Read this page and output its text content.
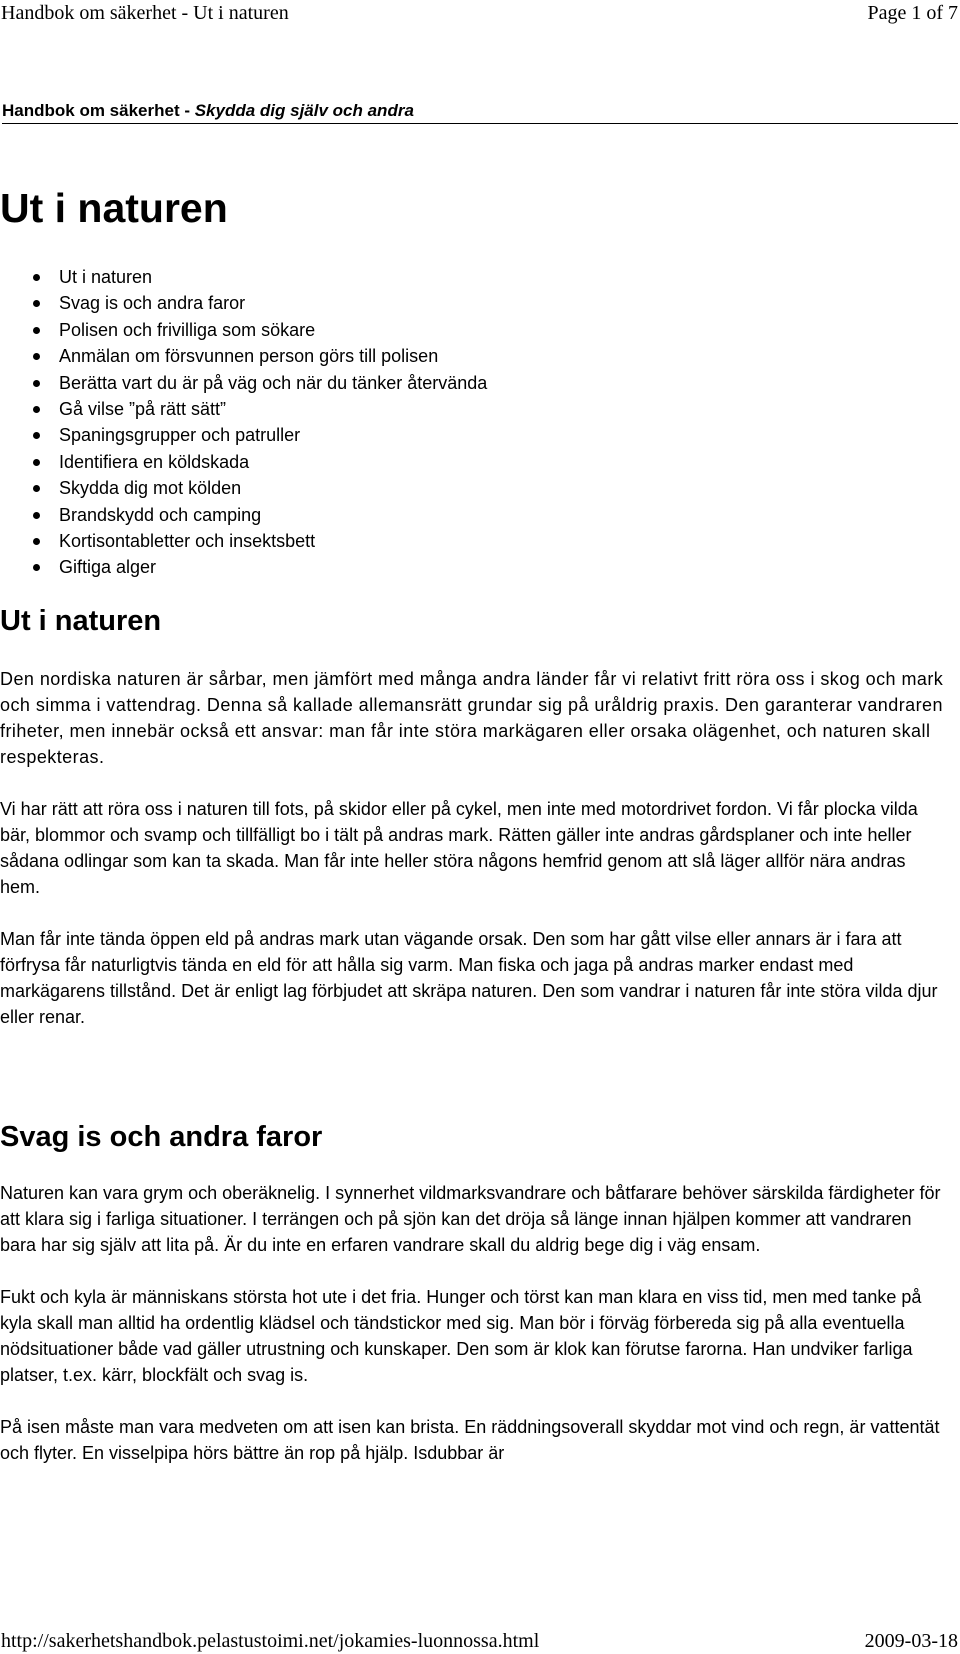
Handbok om säkerhet - Ut i naturen	Page 1 of 7
Handbok om säkerhet - Skydda dig själv och andra
Ut i naturen
Ut i naturen
Svag is och andra faror
Polisen och frivilliga som sökare
Anmälan om försvunnen person görs till polisen
Berätta vart du är på väg och när du tänker återvända
Gå vilse ”på rätt sätt”
Spaningsgrupper och patruller
Identifiera en köldskada
Skydda dig mot kölden
Brandskydd och camping
Kortisontabletter och insektsbett
Giftiga alger
Ut i naturen

Den nordiska naturen är sårbar, men jämfört med många andra länder får vi relativt fritt röra oss i skog och mark och simma i vattendrag. Denna så kallade allemansrätt grundar sig på uråldrig praxis. Den garanterar vandraren friheter, men innebär också ett ansvar: man får inte störa markägaren eller orsaka olägenhet, och naturen skall respekteras.

Vi har rätt att röra oss i naturen till fots, på skidor eller på cykel, men inte med motordrivet fordon. Vi får plocka vilda bär, blommor och svamp och tillfälligt bo i tält på andras mark. Rätten gäller inte andras gårdsplaner och inte heller sådana odlingar som kan ta skada. Man får inte heller störa någons hemfrid genom att slå läger allför nära andras hem.

Man får inte tända öppen eld på andras mark utan vägande orsak. Den som har gått vilse eller annars är i fara att förfrysa får naturligtvis tända en eld för att hålla sig varm. Man fiska och jaga på andras marker endast med markägarens tillstånd. Det är enligt lag förbjudet att skräpa naturen. Den som vandrar i naturen får inte störa vilda djur eller renar.

Svag is och andra faror

Naturen kan vara grym och oberäknelig. I synnerhet vildmarksvandrare och båtfarare behöver särskilda färdigheter för att klara sig i farliga situationer. I terrängen och på sjön kan det dröja så länge innan hjälpen kommer att vandraren bara har sig själv att lita på. Är du inte en erfaren vandrare skall du aldrig bege dig i väg ensam.

Fukt och kyla är människans största hot ute i det fria. Hunger och törst kan man klara en viss tid, men med tanke på kyla skall man alltid ha ordentlig klädsel och tändstickor med sig. Man bör i förväg förbereda sig på alla eventuella nödsituationer både vad gäller utrustning och kunskaper. Den som är klok kan förutse farorna. Han undviker farliga platser, t.ex. kärr, blockfält och svag is.

På isen måste man vara medveten om att isen kan brista. En räddningsoverall skyddar mot vind och regn, är vattentät och flyter. En visselpipa hörs bättre än rop på hjälp. Isdubbar är

http://sakerhetshandbok.pelastustoimi.net/jokamies-luonnossa.html	2009-03-18
